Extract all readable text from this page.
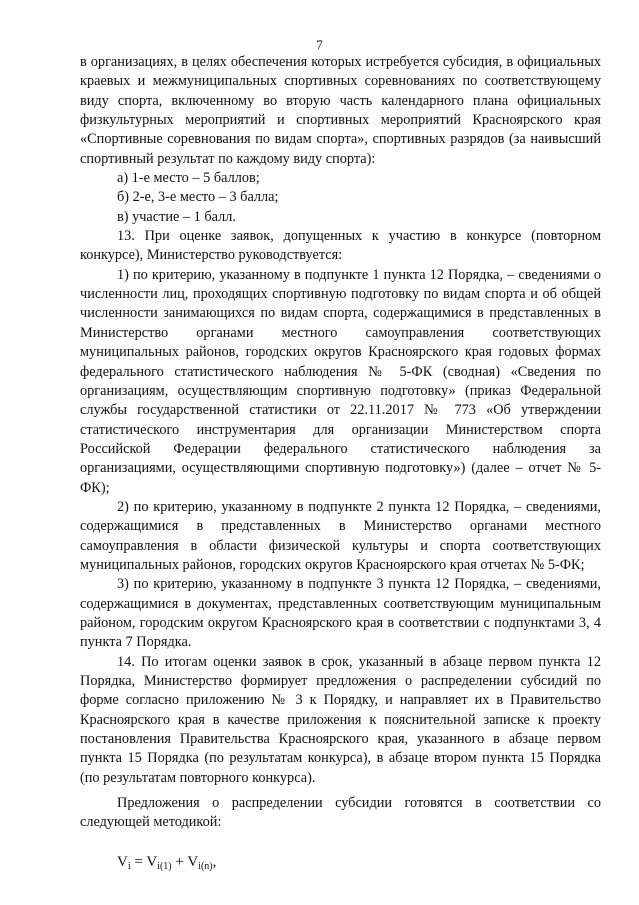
7

в организациях, в целях обеспечения которых истребуется субсидия, в официальных краевых и межмуниципальных спортивных соревнованиях по соответствующему виду спорта, включенному во вторую часть календарного плана официальных физкультурных мероприятий и спортивных мероприятий Красноярского края «Спортивные соревнования по видам спорта», спортивных разрядов (за наивысший спортивный результат по каждому виду спорта):

а) 1-е место – 5 баллов;

б) 2-е, 3-е место – 3 балла;

в) участие – 1 балл.

13. При оценке заявок, допущенных к участию в конкурсе (повторном конкурсе), Министерство руководствуется:

1) по критерию, указанному в подпункте 1 пункта 12 Порядка, – сведениями о численности лиц, проходящих спортивную подготовку по видам спорта и об общей численности занимающихся по видам спорта, содержащимися в представленных в Министерство органами местного самоуправления соответствующих муниципальных районов, городских округов Красноярского края годовых формах федерального статистического наблюдения № 5-ФК (сводная) «Сведения по организациям, осуществляющим спортивную подготовку» (приказ Федеральной службы государственной статистики от 22.11.2017 № 773 «Об утверждении статистического инструментария для организации Министерством спорта Российской Федерации федерального статистического наблюдения за организациями, осуществляющими спортивную подготовку») (далее – отчет № 5-ФК);

2) по критерию, указанному в подпункте 2 пункта 12 Порядка, – сведениями, содержащимися в представленных в Министерство органами местного самоуправления в области физической культуры и спорта соответствующих муниципальных районов, городских округов Красноярского края отчетах № 5-ФК;

3) по критерию, указанному в подпункте 3 пункта 12 Порядка, – сведениями, содержащимися в документах, представленных соответствующим муниципальным районом, городским округом Красноярского края в соответствии с подпунктами 3, 4 пункта 7 Порядка.

14. По итогам оценки заявок в срок, указанный в абзаце первом пункта 12 Порядка, Министерство формирует предложения о распределении субсидий по форме согласно приложению № 3 к Порядку, и направляет их в Правительство Красноярского края в качестве приложения к пояснительной записке к проекту постановления Правительства Красноярского края, указанного в абзаце первом пункта 15 Порядка (по результатам конкурса), в абзаце втором пункта 15 Порядка (по результатам повторного конкурса).

Предложения о распределении субсидии готовятся в соответствии со следующей методикой:

$V_i = V_{i(1)} + V_{i(n)}$,
